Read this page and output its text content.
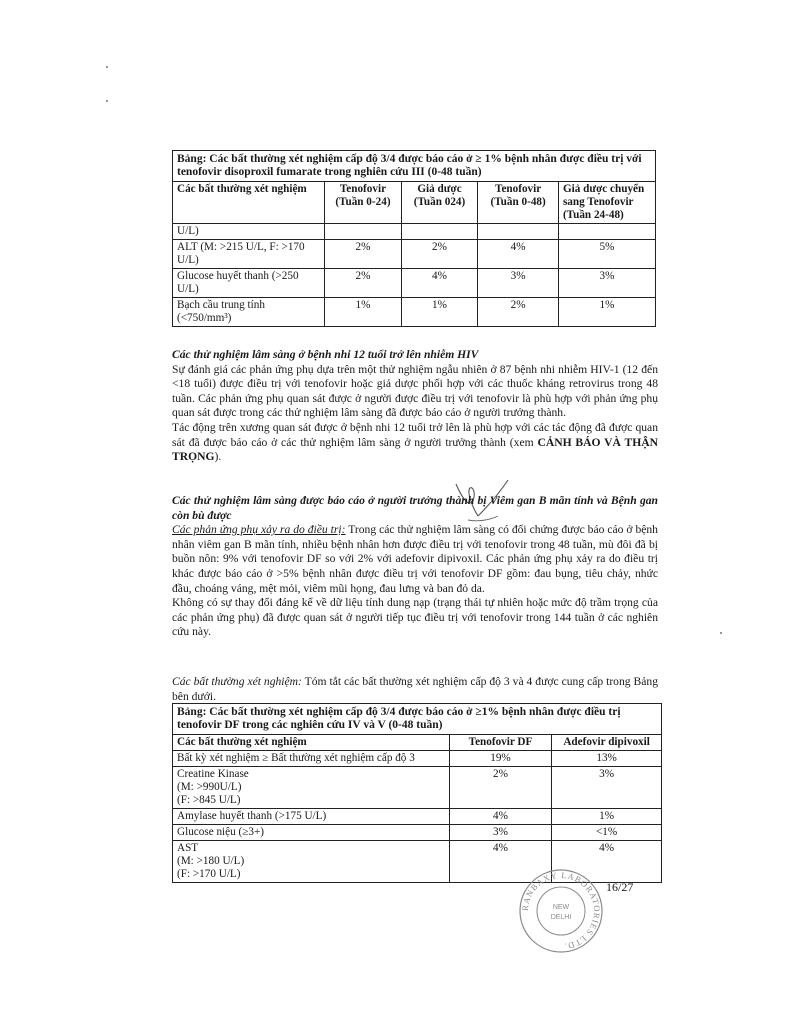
Bảng: Các bất thường xét nghiệm cấp độ 3/4 được báo cáo ở ≥ 1% bệnh nhân được điều trị với tenofovir disoproxil fumarate trong nghiên cứu III (0-48 tuần)				
Các bất thường xét nghiệm	Tenofovir (Tuần 0-24)	Giả dược (Tuần 024)	Tenofovir (Tuần 0-48)	Giả dược chuyển sang Tenofovir (Tuần 24-48)
U/L)				
ALT (M: >215 U/L, F: >170 U/L)	2%	2%	4%	5%
Glucose huyết thanh (>250 U/L)	2%	4%	3%	3%
Bạch cầu trung tính (<750/mm³)	1%	1%	2%	1%

Các thử nghiệm lâm sàng ở bệnh nhi 12 tuổi trở lên nhiễm HIV

Sự đánh giá các phản ứng phụ dựa trên một thử nghiệm ngẫu nhiên ở 87 bệnh nhi nhiễm HIV-1 (12 đến <18 tuổi) được điều trị với tenofovir hoặc giả dược phối hợp với các thuốc kháng retrovirus trong 48 tuần. Các phản ứng phụ quan sát được ở người được điều trị với tenofovir là phù hợp với phản ứng phụ quan sát được trong các thử nghiệm lâm sàng đã được báo cáo ở người trưởng thành.

Tác động trên xương quan sát được ở bệnh nhi 12 tuổi trở lên là phù hợp với các tác động đã được quan sát đã được báo cáo ở các thử nghiệm lâm sàng ở người trưởng thành (xem CẢNH BÁO VÀ THẬN TRỌNG).

Các thử nghiệm lâm sàng được báo cáo ở người trưởng thành bị Viêm gan B mãn tính và Bệnh gan còn bù được

Các phản ứng phụ xảy ra do điều trị: Trong các thử nghiệm lâm sàng có đối chứng được báo cáo ở bệnh nhân viêm gan B mãn tính, nhiều bệnh nhân hơn được điều trị với tenofovir trong 48 tuần, mù đôi đã bị buồn nôn: 9% với tenofovir DF so với 2% với adefovir dipivoxil. Các phản ứng phụ xảy ra do điều trị khác được báo cáo ở >5% bệnh nhân được điều trị với tenofovir DF gồm: đau bụng, tiêu chảy, nhức đầu, choáng váng, mệt mỏi, viêm mũi họng, đau lưng và ban đỏ da.

Không có sự thay đổi đáng kể về dữ liệu tính dung nạp (trạng thái tự nhiên hoặc mức độ trầm trọng của các phản ứng phụ) đã được quan sát ở người tiếp tục điều trị với tenofovir trong 144 tuần ở các nghiên cứu này.

Các bất thường xét nghiệm: Tóm tắt các bất thường xét nghiệm cấp độ 3 và 4 được cung cấp trong Bảng bên dưới.

Bảng: Các bất thường xét nghiệm cấp độ 3/4 được báo cáo ở ≥1% bệnh nhân được điều trị tenofovir DF trong các nghiên cứu IV và V (0-48 tuần)		
Các bất thường xét nghiệm	Tenofovir DF	Adefovir dipivoxil
Bất kỳ xét nghiệm ≥ Bất thường xét nghiệm cấp độ 3	19%	13%
Creatine Kinase
(M: >990U/L)
(F: >845 U/L)	2%	3%
Amylase huyết thanh (>175 U/L)	4%	1%
Glucose niệu (≥3+)	3%	<1%
AST
(M: >180 U/L)
(F: >170 U/L)	4%	4%
RANBAXY LABORATORIES LTD.
NEW
DELHI
16/27
